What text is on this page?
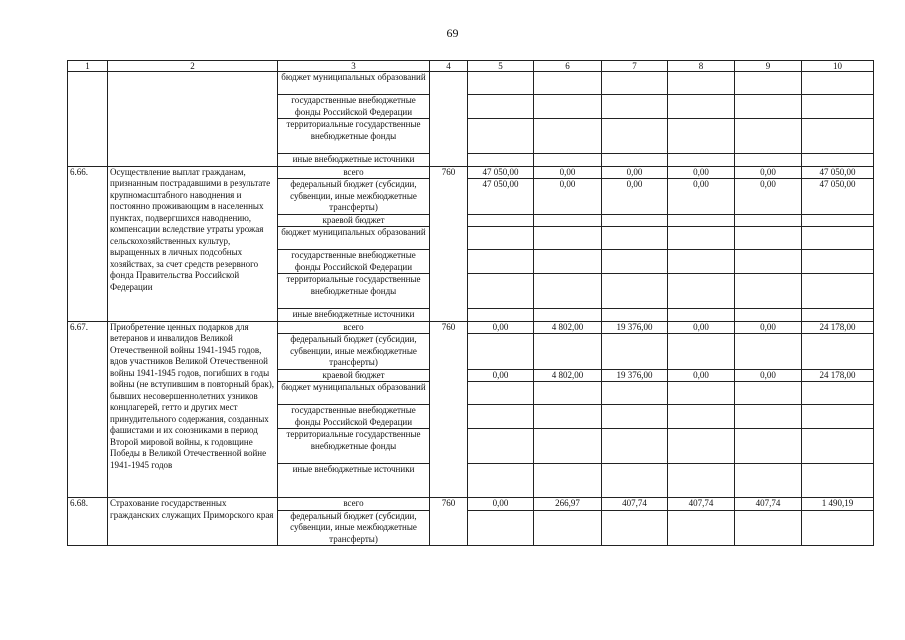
69
1	2	3	4	5	6	7	8	9	10
		бюджет муниципальных образований							
		государственные внебюджетные фонды Российской Федерации							
		территориальные государственные внебюджетные фонды							
		иные внебюджетные источники							
6.66.	Осуществление выплат гражданам, признанным пострадавшими в результате крупномасштабного наводнения и постоянно проживающим в населенных пунктах, подвергшихся наводнению, компенсации вследствие утраты урожая сельскохозяйственных культур, выращенных в личных подсобных хозяйствах, за счет средств резервного фонда Правительства Российской Федерации	всего	760	47 050,00	0,00	0,00	0,00	0,00	47 050,00
		федеральный бюджет (субсидии, субвенции, иные межбюджетные трансферты)		47 050,00	0,00	0,00	0,00	0,00	47 050,00
		краевой бюджет							
		бюджет муниципальных образований							
		государственные внебюджетные фонды Российской Федерации							
		территориальные государственные внебюджетные фонды							
		иные внебюджетные источники							
6.67.	Приобретение ценных подарков для ветеранов и инвалидов Великой Отечественной войны 1941-1945 годов, вдов участников Великой Отечественной войны 1941-1945 годов, погибших в годы войны (не вступившим в повторный брак), бывших несовершеннолетних узников концлагерей, гетто и других мест принудительного содержания, созданных фашистами и их союзниками в период Второй мировой войны, к годовщине Победы в Великой Отечественной войне 1941-1945 годов	всего	760	0,00	4 802,00	19 376,00	0,00	0,00	24 178,00
		федеральный бюджет (субсидии, субвенции, иные межбюджетные трансферты)							
		краевой бюджет		0,00	4 802,00	19 376,00	0,00	0,00	24 178,00
		бюджет муниципальных образований							
		государственные внебюджетные фонды Российской Федерации							
		территориальные государственные внебюджетные фонды							
		иные внебюджетные источники							
6.68.	Страхование государственных гражданских служащих Приморского края	всего	760	0,00	266,97	407,74	407,74	407,74	1 490,19
		федеральный бюджет (субсидии, субвенции, иные межбюджетные трансферты)							
